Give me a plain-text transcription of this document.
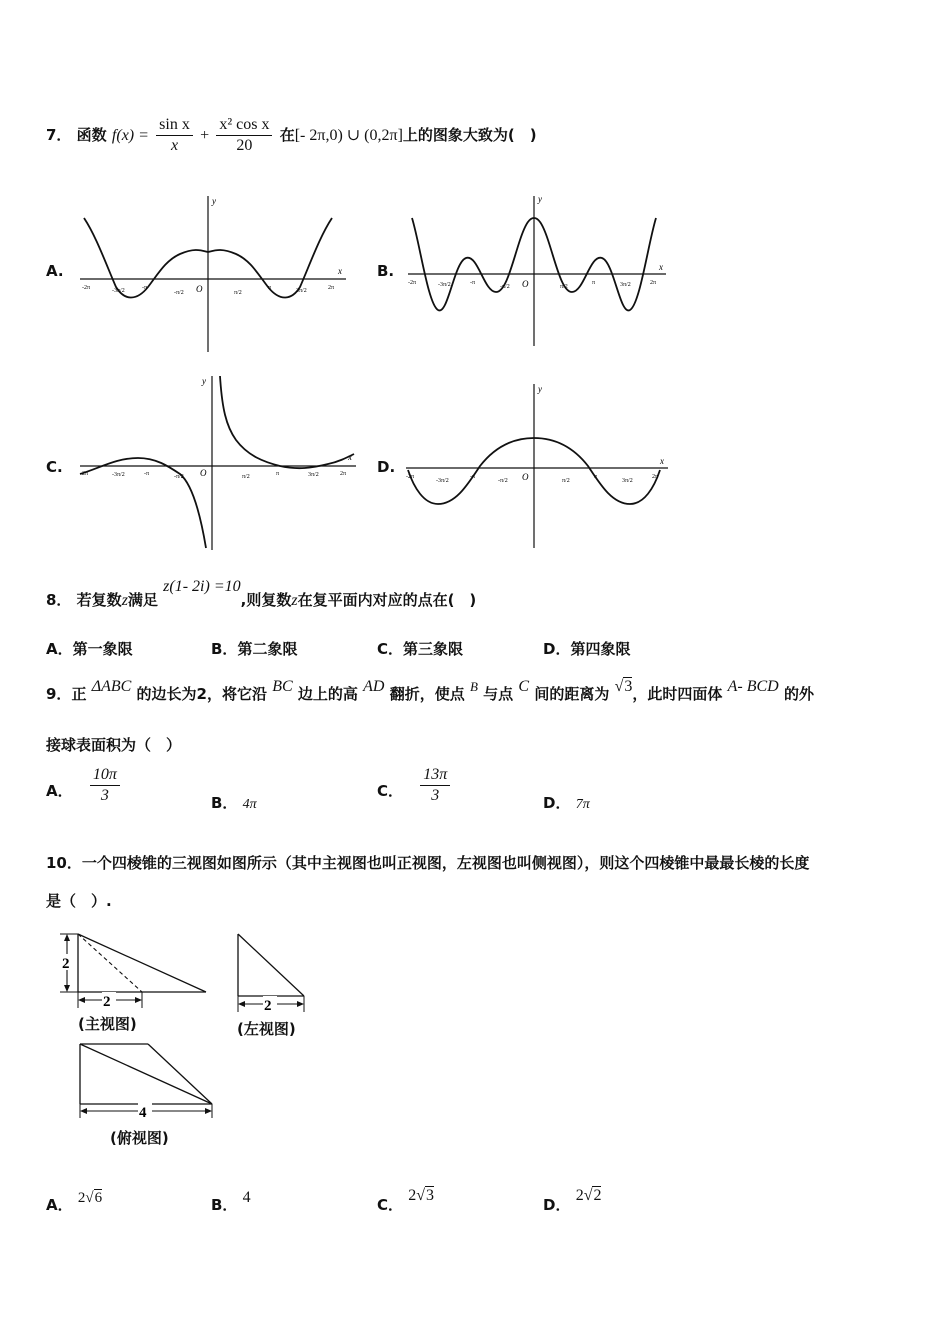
7． 函数 $f(x) = \frac{\text{sin x}}{x} + \frac{\text{x² cos x}}{20}$ 在[- 2π,0) ∪ (0,2π]上的图象大致为(　)
A.	B.
C.	D.
x
y
-2π	-3π/2	-π
-π/2 O	π/2
π	3π/2	2π
x
y
-2π	-3π/2	-π
-π/2 O	π/2
π	3π/2	2π
x
y
-2π	-3π/2	-π	-π/2 O	π/2	π	3π/2	2π
x
y
-2π
-3π/2
-π
-π/2 O	π/2
π
3π/2
2π
8． 若复数z满足 z(1- 2i) =10,则复数z在复平面内对应的点在(　)
A．第一象限	B．第二象限	C．第三象限	D．第四象限
9．正 ΔABC 的边长为2，将它沿 BC 边上的高 AD 翻折，使点 B 与点 C 间的距离为 √3，此时四面体 A- BCD 的外
接球表面积为（　）
A． $\frac{10\pi}{3}$	B． 4π
C． $\frac{13\pi}{3}$	D． 7π
10．一个四棱锥的三视图如图所示（其中主视图也叫正视图，左视图也叫侧视图），则这个四棱锥中最最长棱的长度
是（　）.
2
2
(主视图)
2
(左视图)
4
(俯视图)
A． 2√6	B． 4	C． 2√3
D． 2√2
